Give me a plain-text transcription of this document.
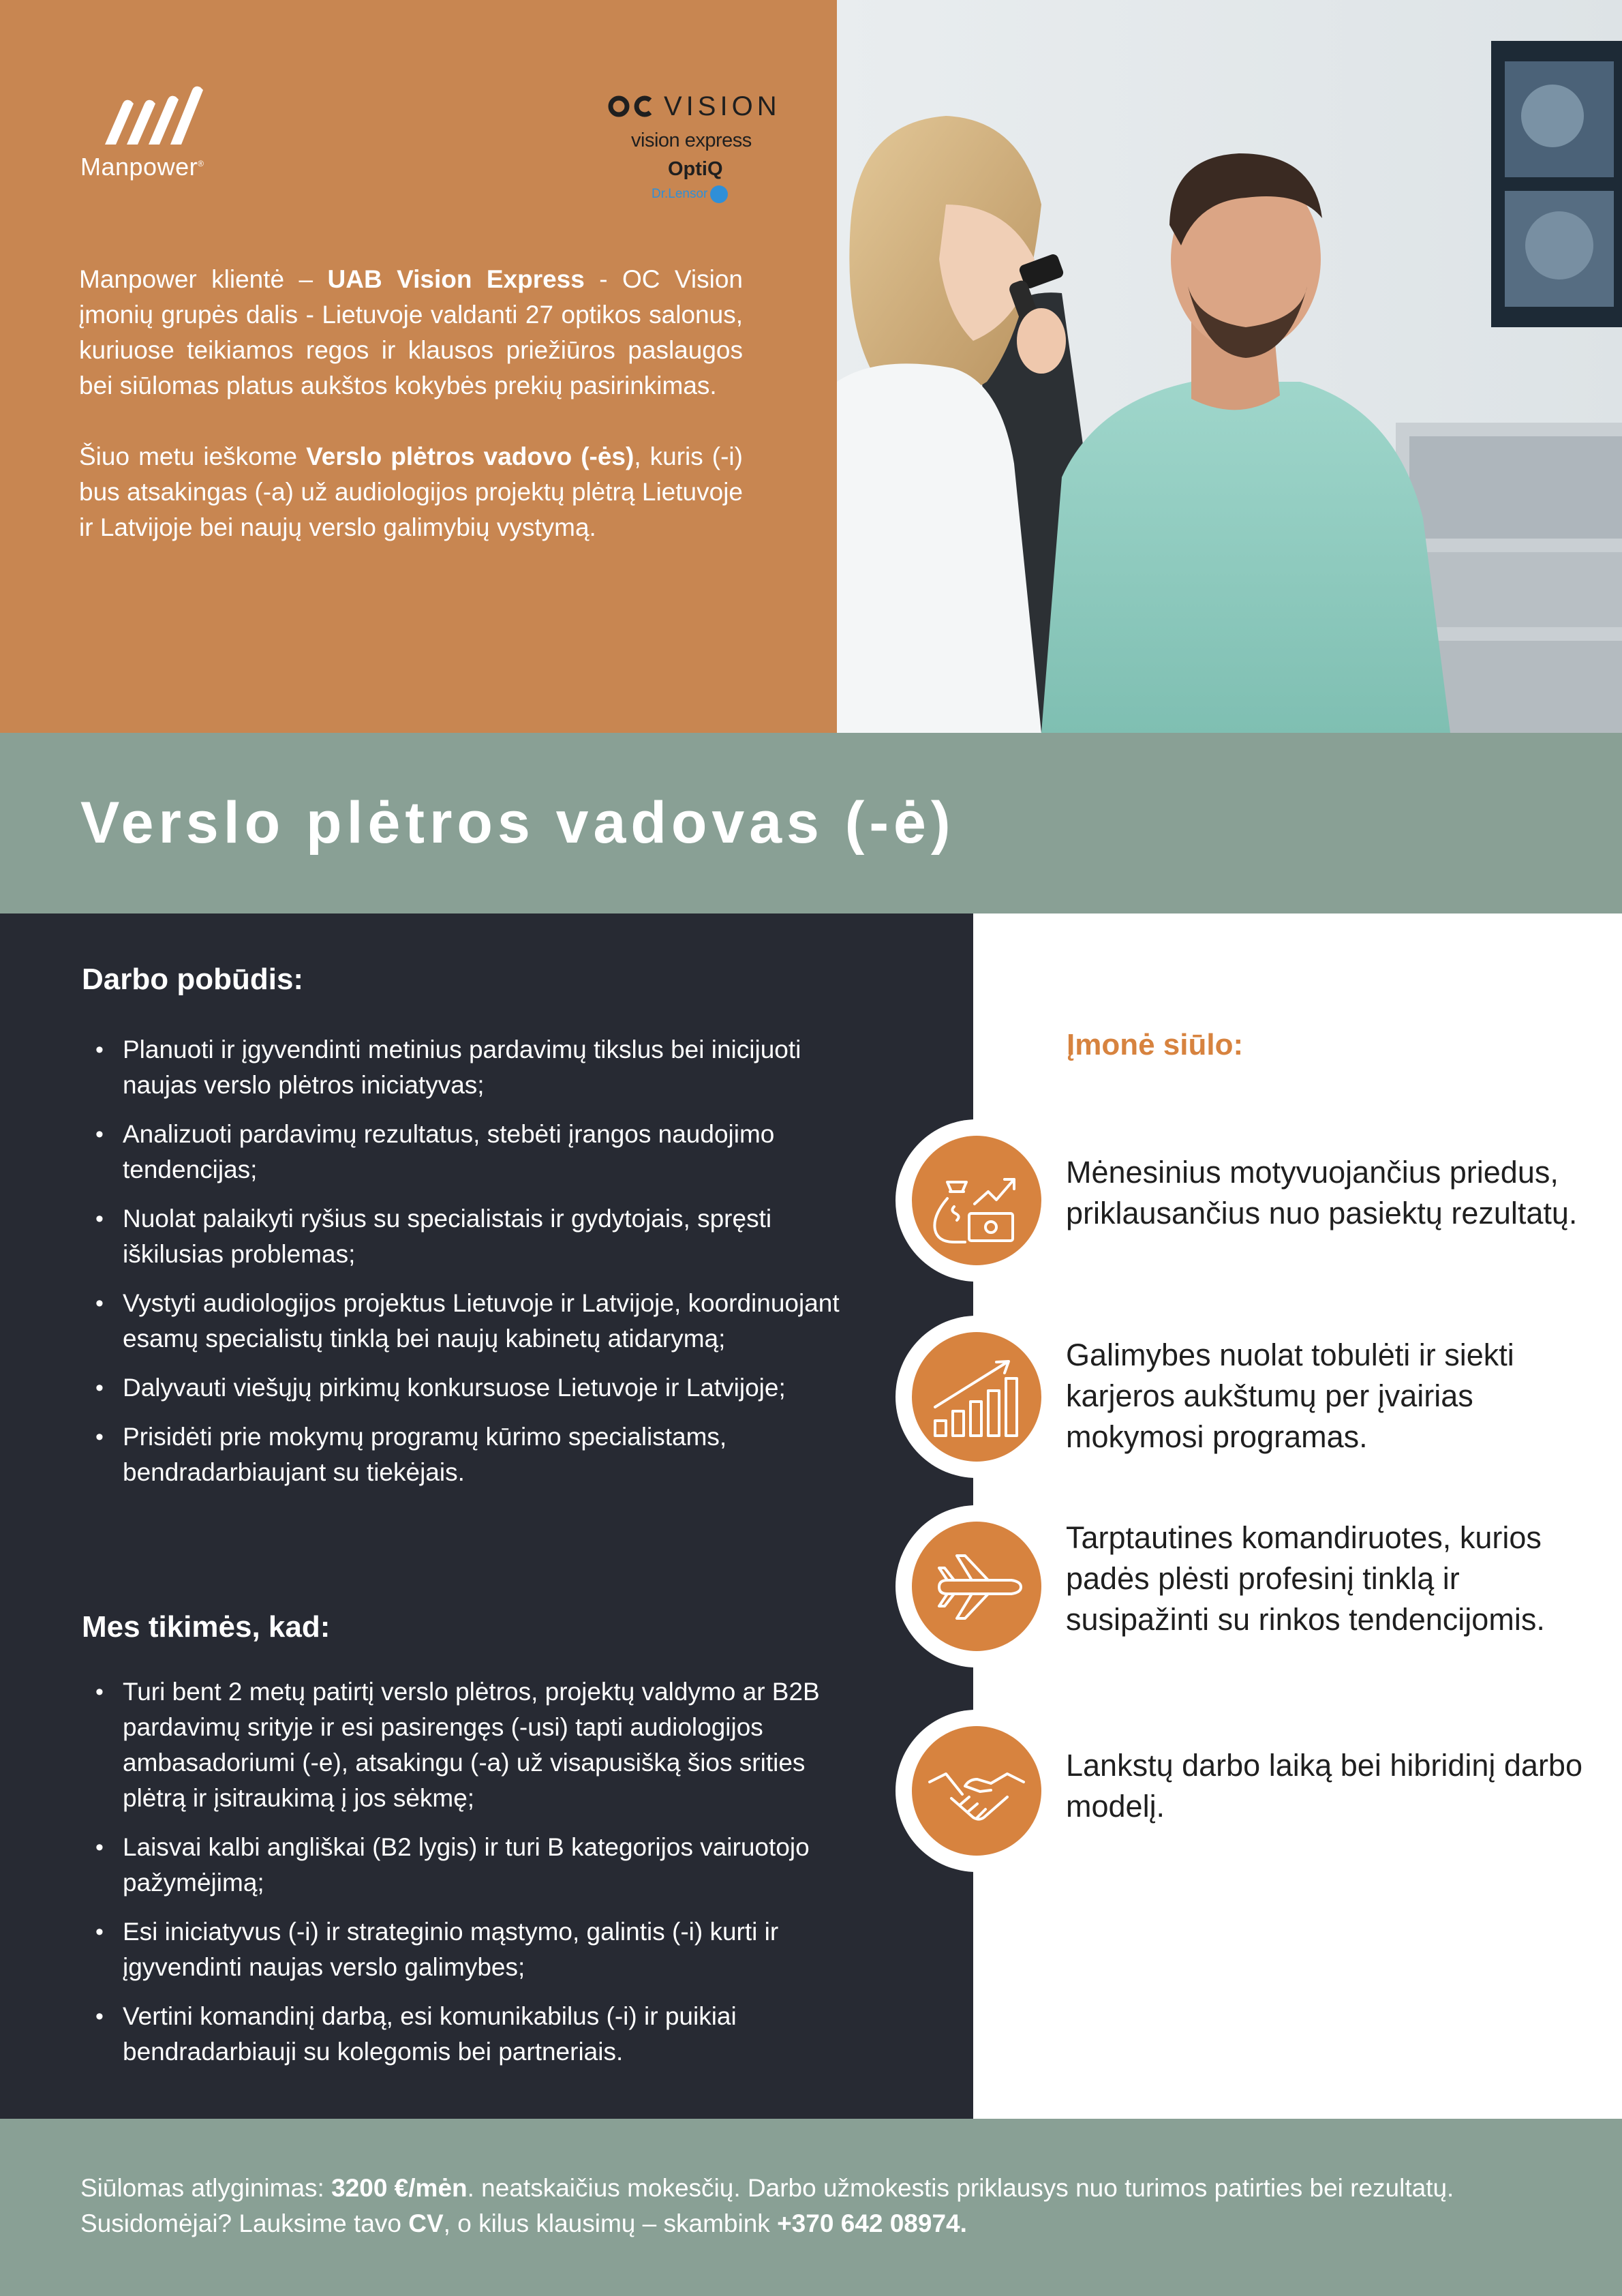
Manpower®
VISION
vision express
OptiQ
Dr.Lensor

Manpower klientė – UAB Vision Express - OC Vision įmonių grupės dalis - Lietuvoje valdanti 27 optikos salonus, kuriuose teikiamos regos ir klausos priežiūros paslaugos bei siūlomas platus aukštos kokybės prekių pasirinkimas.

Šiuo metu ieškome Verslo plėtros vadovo (-ės), kuris (-i) bus atsakingas (-a) už audiologijos projektų plėtrą Lietuvoje ir Latvijoje bei naujų verslo galimybių vystymą.

Verslo plėtros vadovas (-ė)
Darbo pobūdis:
• Planuoti ir įgyvendinti metinius pardavimų tikslus bei inicijuoti naujas verslo plėtros iniciatyvas;
• Analizuoti pardavimų rezultatus, stebėti įrangos naudojimo tendencijas;
• Nuolat palaikyti ryšius su specialistais ir gydytojais, spręsti iškilusias problemas;
• Vystyti audiologijos projektus Lietuvoje ir Latvijoje, koordinuojant esamų specialistų tinklą bei naujų kabinetų atidarymą;
• Dalyvauti viešųjų pirkimų konkursuose Lietuvoje ir Latvijoje;
• Prisidėti prie mokymų programų kūrimo specialistams, bendradarbiaujant su tiekėjais.
Mes tikimės, kad:
• Turi bent 2 metų patirtį verslo plėtros, projektų valdymo ar B2B pardavimų srityje ir esi pasirengęs (-usi) tapti audiologijos ambasadoriumi (-e), atsakingu (-a) už visapusišką šios srities plėtrą ir įsitraukimą į jos sėkmę;
• Laisvai kalbi angliškai (B2 lygis) ir turi B kategorijos vairuotojo pažymėjimą;
• Esi iniciatyvus (-i) ir strateginio mąstymo, galintis (-i) kurti ir įgyvendinti naujas verslo galimybes;
• Vertini komandinį darbą, esi komunikabilus (-i) ir puikiai bendradarbiauji su kolegomis bei partneriais.
Įmonė siūlo:
Mėnesinius motyvuojančius priedus, priklausančius nuo pasiektų rezultatų.
Galimybes nuolat tobulėti ir siekti karjeros aukštumų per įvairias mokymosi programas.
Tarptautines komandiruotes, kurios padės plėsti profesinį tinklą ir susipažinti su rinkos tendencijomis.
Lankstų darbo laiką bei hibridinį darbo modelį.
Siūlomas atlyginimas: 3200 €/mėn. neatskaičius mokesčių. Darbo užmokestis priklausys nuo turimos patirties bei rezultatų. Susidomėjai? Lauksime tavo CV, o kilus klausimų – skambink +370 642 08974.
